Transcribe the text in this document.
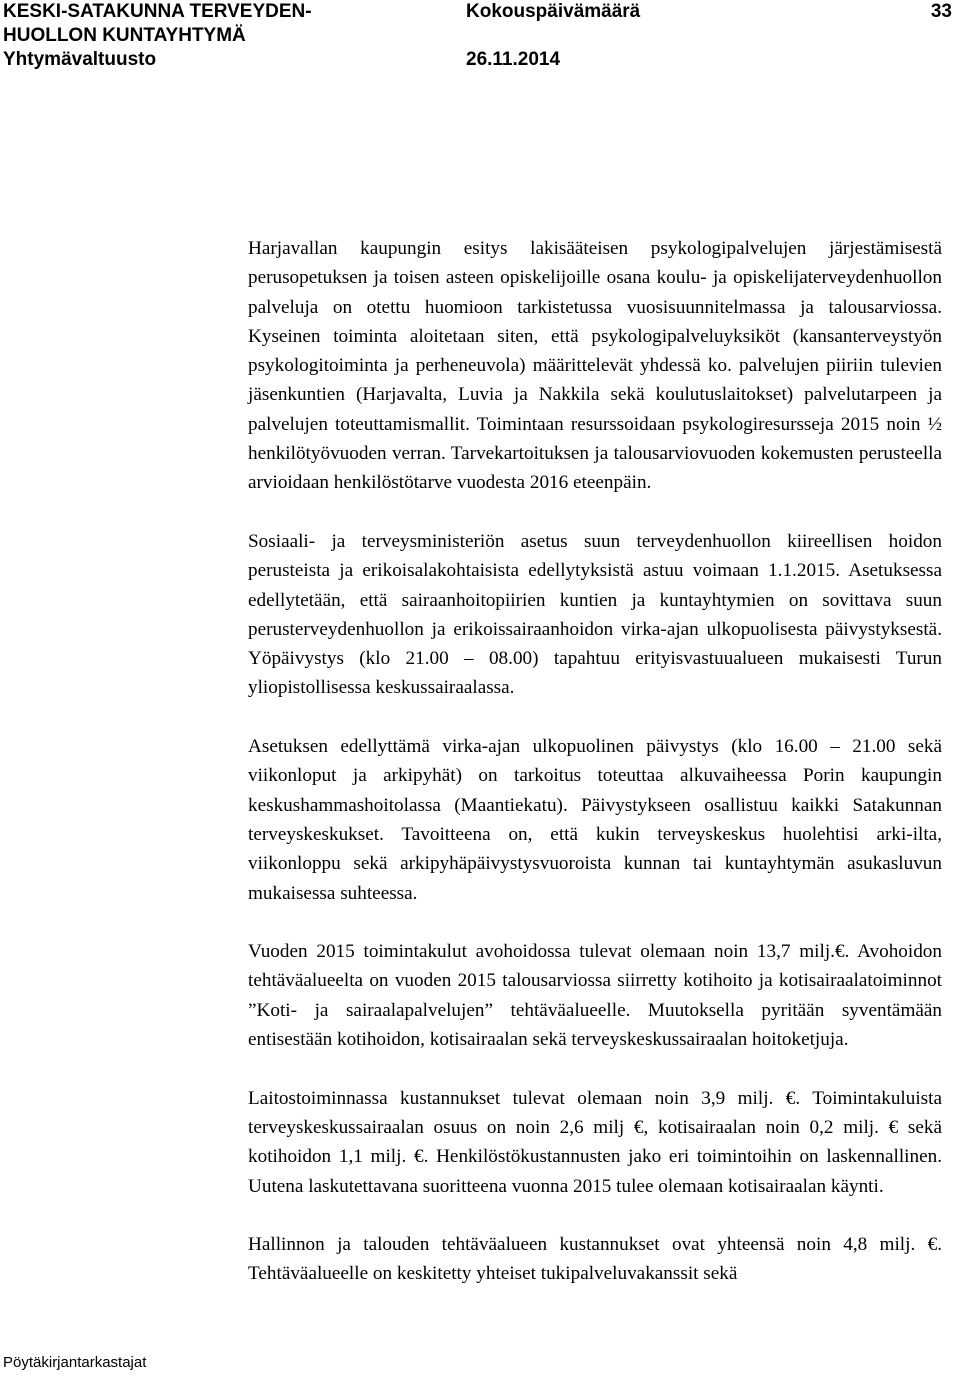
KESKI-SATAKUNNA TERVEYDEN-
HUOLLON KUNTAYHTYMÄ
Yhtymävaltuusto
Kokouspäivämäärä
26.11.2014
33

Harjavallan kaupungin esitys lakisääteisen psykologipalvelujen järjestämisestä perusopetuksen ja toisen asteen opiskelijoille osana koulu- ja opiskelijaterveydenhuollon palveluja on otettu huomioon tarkistetussa vuosisuunnitelmassa ja talousarviossa. Kyseinen toiminta aloitetaan siten, että psykologipalveluyksiköt (kansanterveystyön psykologitoiminta ja perheneuvola) määrittelevät yhdessä ko. palvelujen piiriin tulevien jäsenkuntien (Harjavalta, Luvia ja Nakkila sekä koulutuslaitokset) palvelutarpeen ja palvelujen toteuttamismallit. Toimintaan resurssoidaan psykologiresursseja 2015 noin ½ henkilötyövuoden verran. Tarvekartoituksen ja talousarviovuoden kokemusten perusteella arvioidaan henkilöstötarve vuodesta 2016 eteenpäin.

Sosiaali- ja terveysministeriön asetus suun terveydenhuollon kiireellisen hoidon perusteista ja erikoisalakohtaisista edellytyksistä astuu voimaan 1.1.2015. Asetuksessa edellytetään, että sairaanhoitopiirien kuntien ja kuntayhtymien on sovittava suun perusterveydenhuollon ja erikoissairaanhoidon virka-ajan ulkopuolisesta päivystyksestä. Yöpäivystys (klo 21.00 – 08.00) tapahtuu erityisvastuualueen mukaisesti Turun yliopistollisessa keskussairaalassa.

Asetuksen edellyttämä virka-ajan ulkopuolinen päivystys (klo 16.00 – 21.00 sekä viikonloput ja arkipyhät) on tarkoitus toteuttaa alkuvaiheessa Porin kaupungin keskushammashoitolassa (Maantiekatu). Päivystykseen osallistuu kaikki Satakunnan terveyskeskukset. Tavoitteena on, että kukin terveyskeskus huolehtisi arki-ilta, viikonloppu sekä arkipyhäpäivystysvuoroista kunnan tai kuntayhtymän asukasluvun mukaisessa suhteessa.

Vuoden 2015 toimintakulut avohoidossa tulevat olemaan noin 13,7 milj.€. Avohoidon tehtäväalueelta on vuoden 2015 talousarviossa siirretty kotihoito ja kotisairaalatoiminnot ”Koti- ja sairaalapalvelujen” tehtäväalueelle. Muutoksella pyritään syventämään entisestään kotihoidon, kotisairaalan sekä terveyskeskussairaalan hoitoketjuja.

Laitostoiminnassa kustannukset tulevat olemaan noin 3,9 milj. €. Toimintakuluista terveyskeskussairaalan osuus on noin 2,6 milj €, kotisairaalan noin 0,2 milj. € sekä kotihoidon 1,1 milj. €. Henkilöstökustannusten jako eri toimintoihin on laskennallinen. Uutena laskutettavana suoritteena vuonna 2015 tulee olemaan kotisairaalan käynti.

Hallinnon ja talouden tehtäväalueen kustannukset ovat yhteensä noin 4,8 milj. €. Tehtäväalueelle on keskitetty yhteiset tukipalveluvakanssit sekä

Pöytäkirjantarkastajat
